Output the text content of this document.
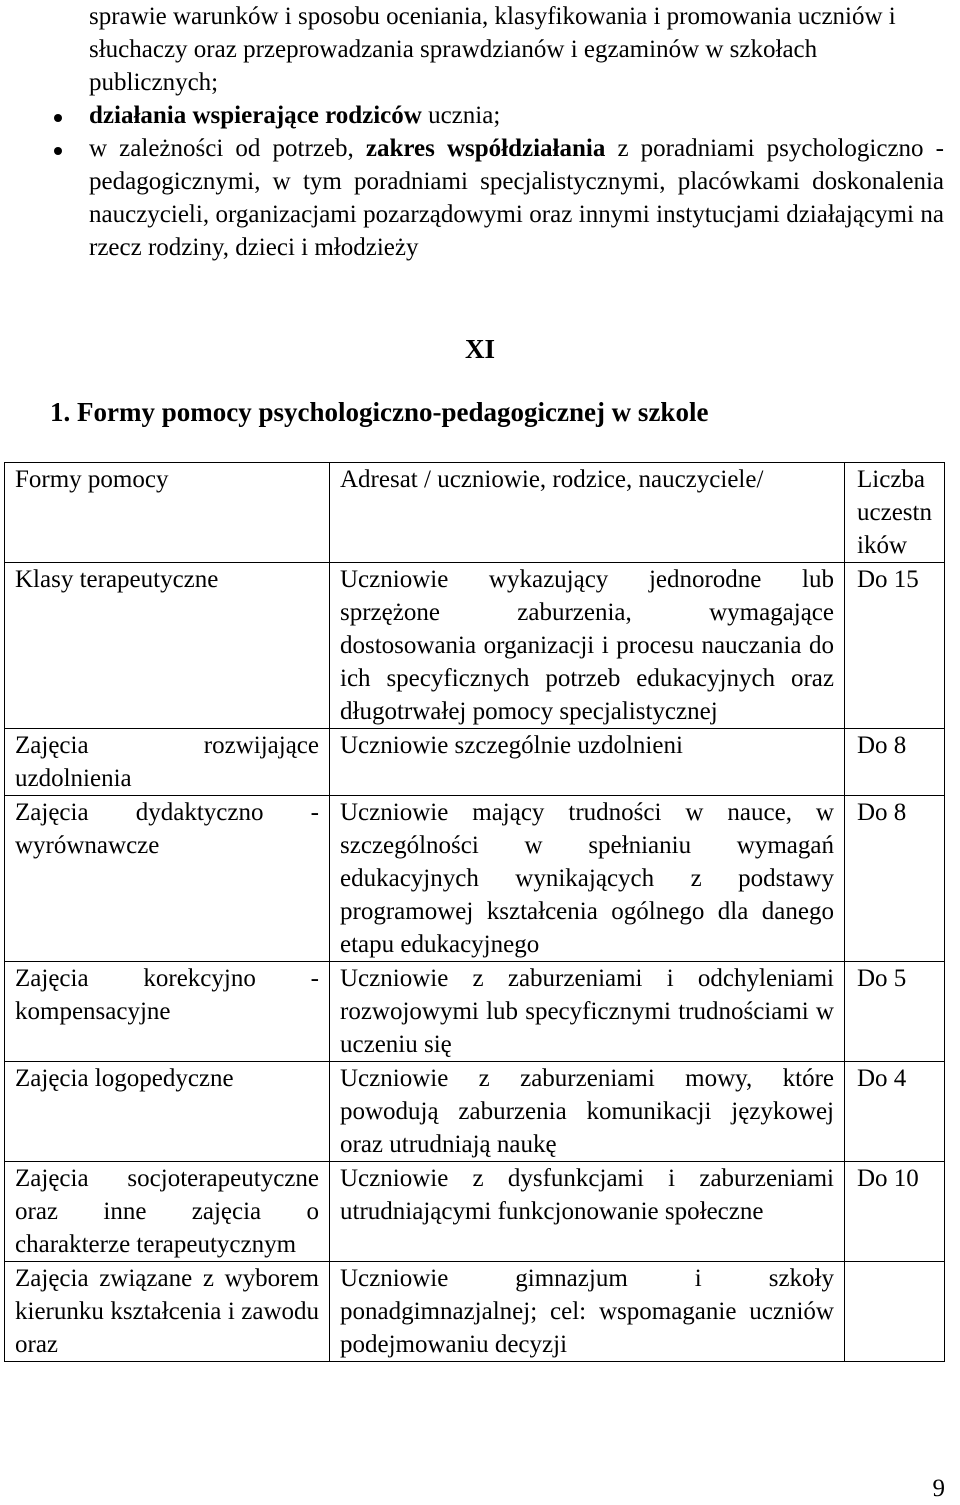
sprawie warunków i sposobu oceniania, klasyfikowania i promowania uczniów i słuchaczy oraz przeprowadzania sprawdzianów i egzaminów w szkołach publicznych;

działania wspierające rodziców uczniа;
w zależności od potrzeb, zakres współdziałania z poradniami psychologiczno - pedagogicznymi, w tym poradniami specjalistycznymi, placówkami doskonalenia nauczycieli, organizacjami pozarządowymi oraz innymi instytucjami działającymi na rzecz rodziny, dzieci i młodzieży
XI
1. Formy pomocy psychologiczno-pedagogicznej w szkole
Formy pomocy	Adresat / uczniowie, rodzice, nauczyciele/	Liczba uczestn ików
Klasy terapeutyczne	Uczniowie wykazujący jednorodne lub sprzężone zaburzenia, wymagające dostosowania organizacji i procesu nauczania do ich specyficznych potrzeb edukacyjnych oraz długotrwałej pomocy specjalistycznej	Do 15
Zajęcia rozwijające uzdolnienia	Uczniowie szczególnie uzdolnieni	Do 8
Zajęcia dydaktyczno - wyrównawcze	Uczniowie mający trudności w nauce, w szczególności w spełnianiu wymagań edukacyjnych wynikających z podstawy programowej kształcenia ogólnego dla danego etapu edukacyjnego	Do 8
Zajęcia korekcyjno - kompensacyjne	Uczniowie z zaburzeniami i odchyleniami rozwojowymi lub specyficznymi trudnościami w uczeniu się	Do 5
Zajęcia logopedyczne	Uczniowie z zaburzeniami mowy, które powodują zaburzenia komunikacji językowej oraz utrudniają naukę	Do 4
Zajęcia socjoterapeutyczne oraz inne zajęcia o charakterze terapeutycznym	Uczniowie z dysfunkcjami i zaburzeniami utrudniającymi funkcjonowanie społeczne	Do 10
Zajęcia związane z wyborem kierunku kształcenia i zawodu oraz	Uczniowie gimnazjum i szkoły ponadgimnazjalnej; cel: wspomaganie uczniów podejmowaniu decyzji	
9
